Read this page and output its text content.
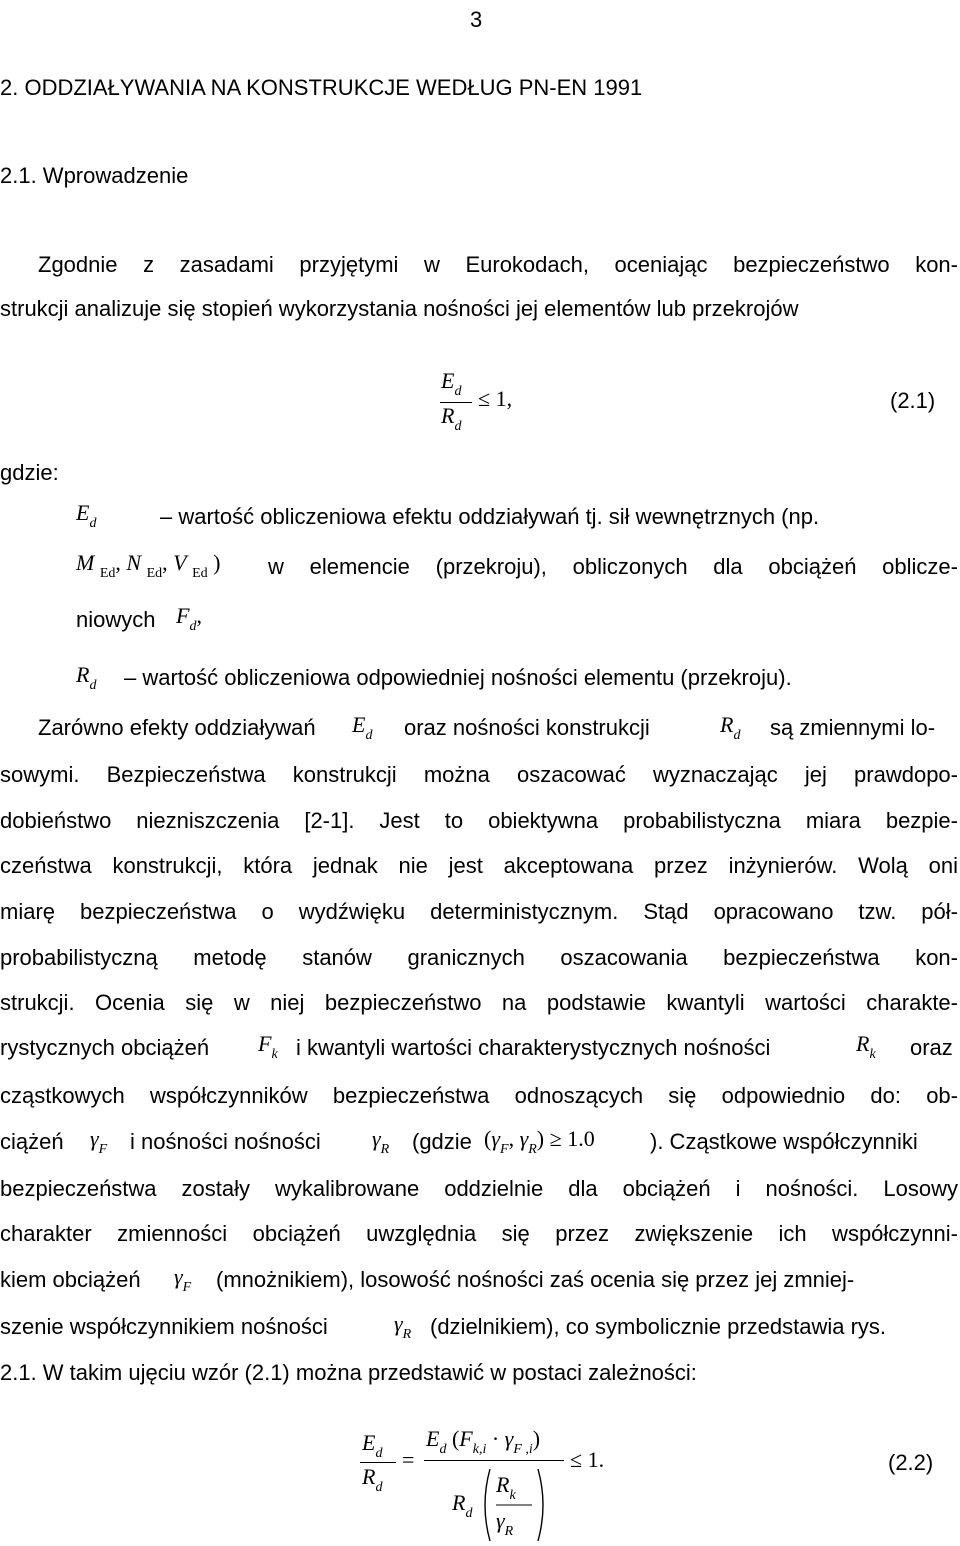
3
2. ODDZIAŁYWANIA NA KONSTRUKCJE WEDŁUG PN-EN 1991
2.1. Wprowadzenie
Zgodnie z zasadami przyjętymi w Eurokodach, oceniając bezpieczeństwo kon-
strukcji analizuje się stopień wykorzystania nośności jej elementów lub przekrojów
$E_d$
$R_d$
≤ 1,	(2.1)
gdzie:
$E_d$	– wartość obliczeniowa efektu oddziaływań tj. sił wewnętrznych (np.
M $_{Ed}$, N $_{Ed}$, V $_{Ed}$ ) w elemencie (przekroju), obliczonych dla obciążeń oblicze-
niowych $F_d$,
$R_d$ – wartość obliczeniowa odpowiedniej nośności elementu (przekroju).
Zarówno efekty oddziaływań $E_d$ oraz nośności konstrukcji	$R_d$ są zmiennymi lo-
sowymi. Bezpieczeństwa konstrukcji można oszacować wyznaczając jej prawdopo-
dobieństwo niezniszczenia [2-1]. Jest to obiektywna probabilistyczna miara bezpie-
czeństwa konstrukcji, która jednak nie jest akceptowana przez inżynierów. Wolą oni
miarę bezpieczeństwa o wydźwięku deterministycznym. Stąd opracowano tzw. pół-
probabilistyczną metodę stanów granicznych oszacowania bezpieczeństwa kon-
strukcji. Ocenia się w niej bezpieczeństwo na podstawie kwantyli wartości charakte-
rystycznych obciążeń $F_k$ i kwantyli wartości charakterystycznych nośności	$R_k$ oraz
cząstkowych współczynników bezpieczeństwa odnoszących się odpowiednio do: ob-
ciążeń $\gamma_F$ i nośności nośności $\gamma_R$ (gdzie ($\gamma_F$, $\gamma_R) \ge 1.0$	). Cząstkowe współczynniki
bezpieczeństwa zostały wykalibrowane oddzielnie dla obciążeń i nośności. Losowy
charakter zmienności obciążeń uwzględnia się przez zwiększenie ich współczynni-
kiem obciążeń $\gamma_F$ (mnożnikiem), losowość nośności zaś ocenia się przez jej zmniej-
szenie współczynnikiem nośności	$\gamma_R$ (dzielnikiem), co symbolicznie przedstawia rys.
2.1. W takim ujęciu wzór (2.1) można przedstawić w postaci zależności:
$E_d$
$R_d$
=
$E_d$ $(F_{k,i} \cdot \gamma_{F ,i})$
$R_d$
$R_k$
$\gamma_R$
≤ 1.	(2.2)
